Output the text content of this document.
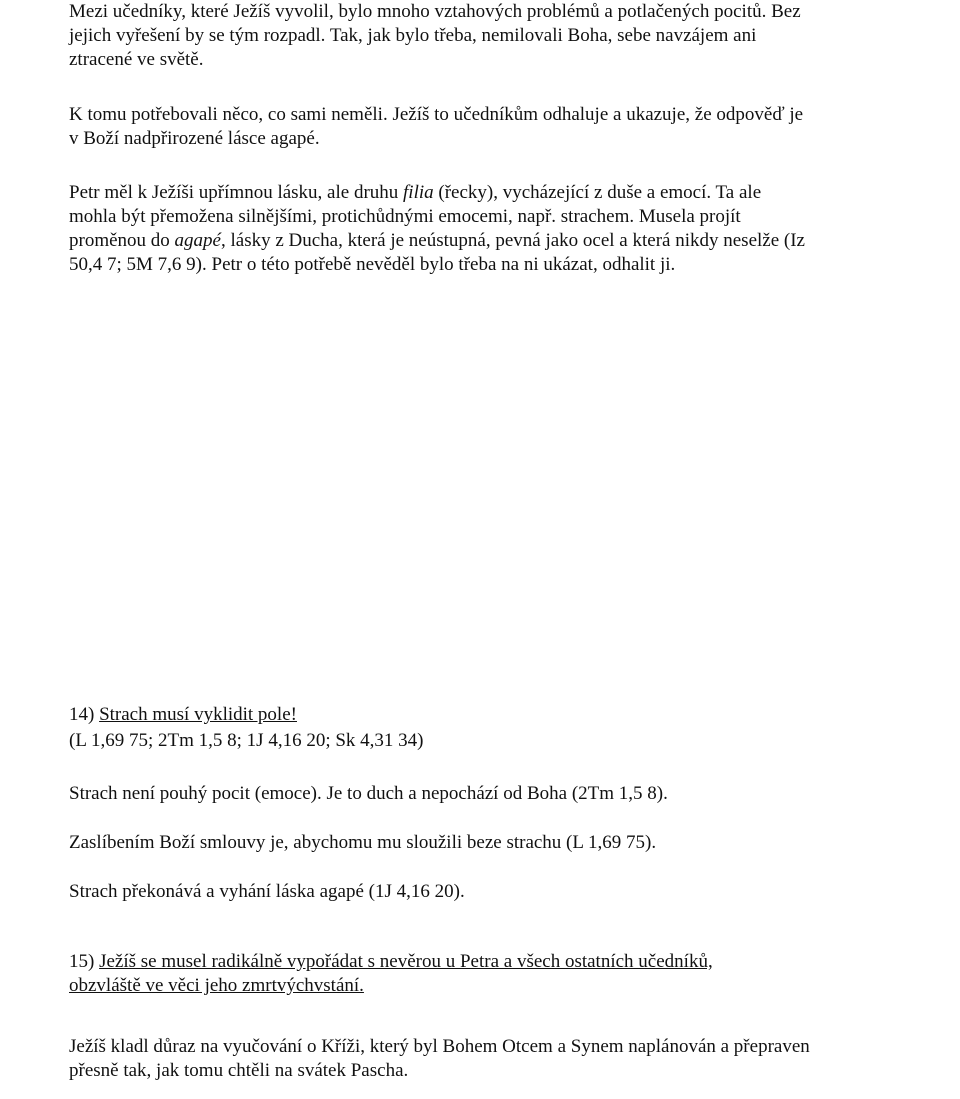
Mezi učedníky, které Ježíš vyvolil, bylo mnoho vztahových problémů a potlačených pocitů. Bez
jejich vyřešení by se tým rozpadl. Tak, jak bylo třeba, nemilovali Boha, sebe navzájem ani
ztracené ve světě.

K tomu potřebovali něco, co sami neměli. Ježíš to učedníkům odhaluje a ukazuje, že odpověď je
v Boží nadpřirozené lásce agapé.

Petr měl k Ježíši upřímnou lásku, ale druhu filia (řecky), vycházející z duše a emocí. Ta ale
mohla být přemožena silnějšími, protichůdnými emocemi, např. strachem. Musela projít
proměnou do agapé, lásky z Ducha, která je neústupná, pevná jako ocel a která nikdy neselže (Iz
50,4 7; 5M 7,6 9). Petr o této potřebě nevěděl bylo třeba na ni ukázat, odhalit ji.

14) Strach musí vyklidit pole!

(L 1,69 75; 2Tm 1,5 8; 1J 4,16 20; Sk 4,31 34)

Strach není pouhý pocit (emoce). Je to duch a nepochází od Boha (2Tm 1,5 8).

Zaslíbením Boží smlouvy je, abychomu mu sloužili beze strachu (L 1,69 75).

Strach překonává a vyhání láska agapé (1J 4,16 20).

15) Ježíš se musel radikálně vypořádat s nevěrou u Petra a všech ostatních učedníků,
obzvláště ve věci jeho zmrtvýchvstání.

Ježíš kladl důraz na vyučování o Kříži, který byl Bohem Otcem a Synem naplánován a přepraven
přesně tak, jak tomu chtěli na svátek Pascha.
